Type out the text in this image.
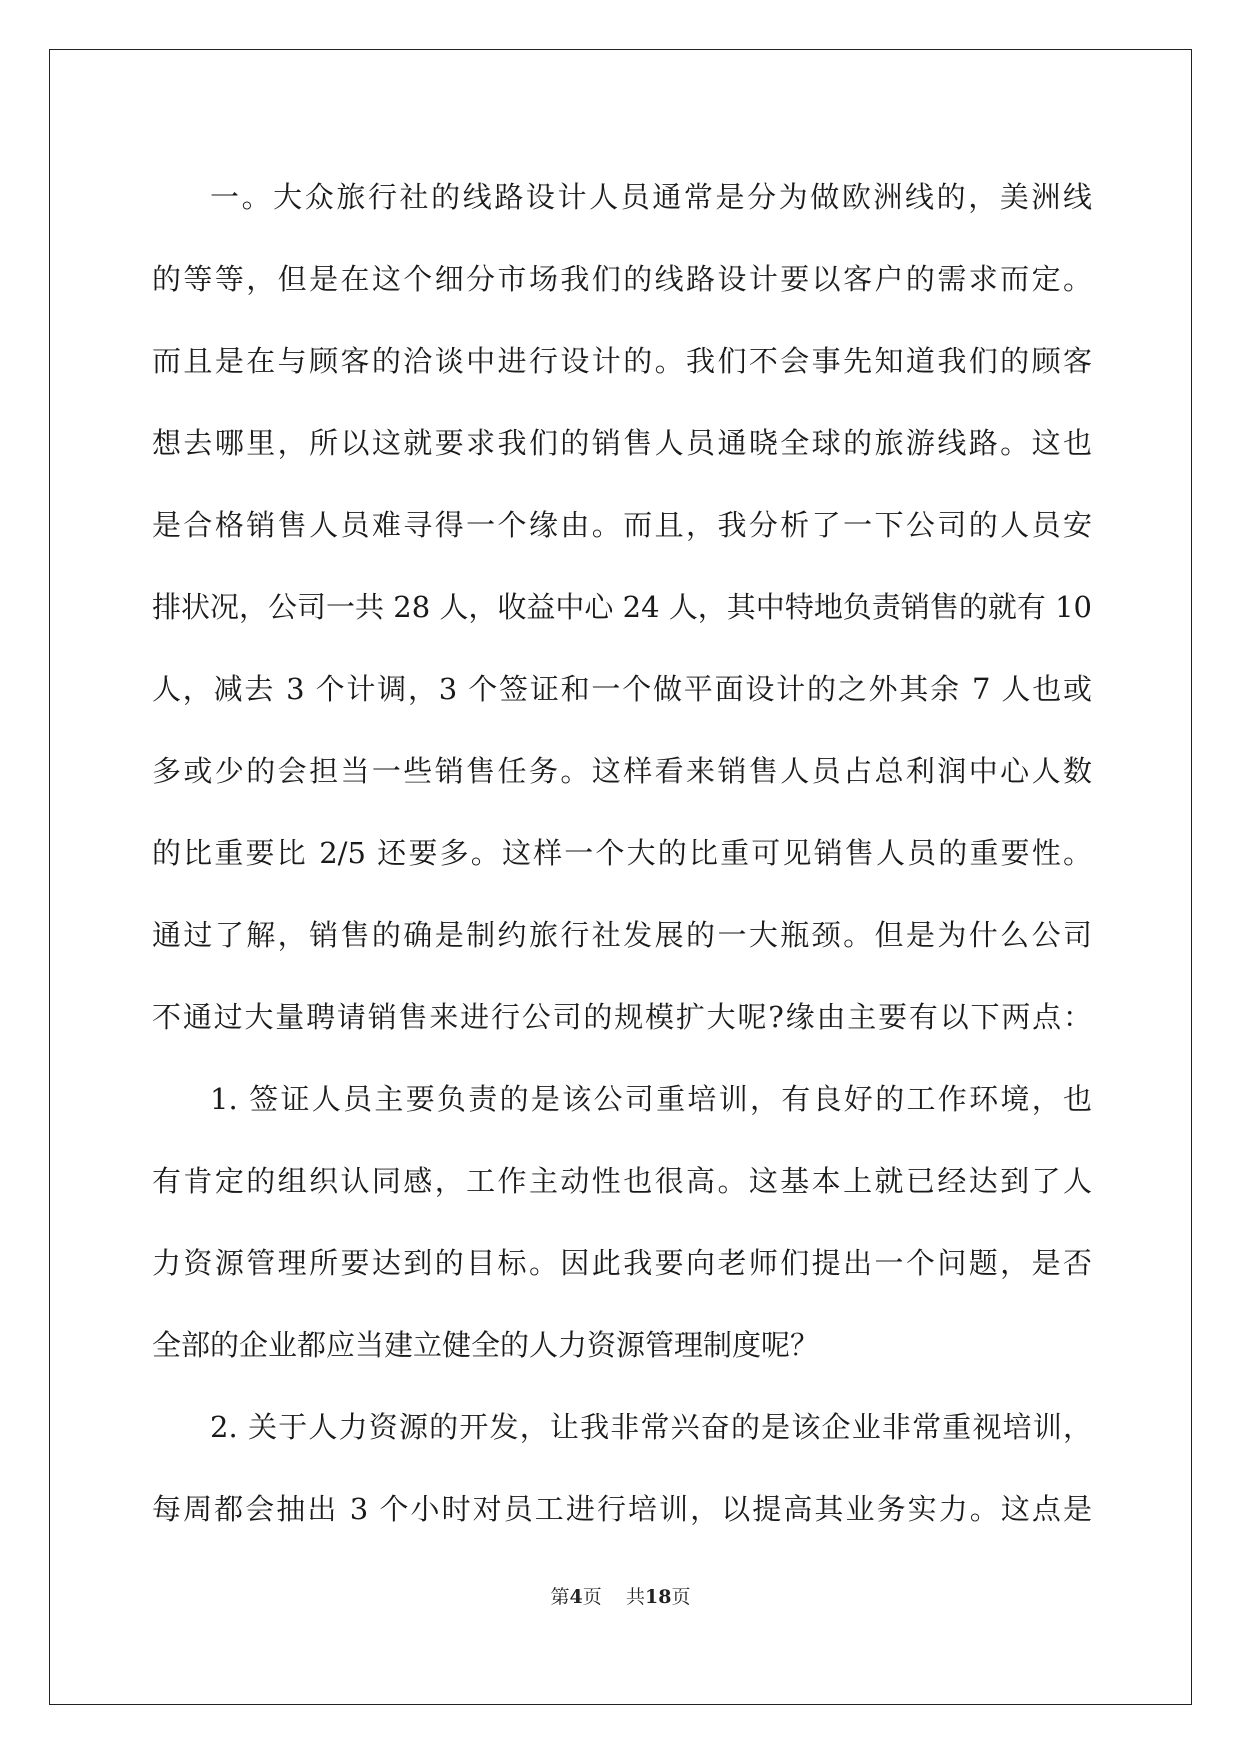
一。大众旅行社的线路设计人员通常是分为做欧洲线的，美洲线
的等等，但是在这个细分市场我们的线路设计要以客户的需求而定。
而且是在与顾客的洽谈中进行设计的。我们不会事先知道我们的顾客
想去哪里，所以这就要求我们的销售人员通晓全球的旅游线路。这也
是合格销售人员难寻得一个缘由。而且，我分析了一下公司的人员安
排状况，公司一共 28 人，收益中心 24 人，其中特地负责销售的就有 10
人，减去 3 个计调，3 个签证和一个做平面设计的之外其余 7 人也或
多或少的会担当一些销售任务。这样看来销售人员占总利润中心人数
的比重要比 2/5 还要多。这样一个大的比重可见销售人员的重要性。
通过了解，销售的确是制约旅行社发展的一大瓶颈。但是为什么公司
不通过大量聘请销售来进行公司的规模扩大呢?缘由主要有以下两点：
1. 签证人员主要负责的是该公司重培训，有良好的工作环境，也
有肯定的组织认同感，工作主动性也很高。这基本上就已经达到了人
力资源管理所要达到的目标。因此我要向老师们提出一个问题，是否
全部的企业都应当建立健全的人力资源管理制度呢？
2. 关于人力资源的开发，让我非常兴奋的是该企业非常重视培训，
每周都会抽出 3 个小时对员工进行培训，以提高其业务实力。这点是
第4页 共18页
